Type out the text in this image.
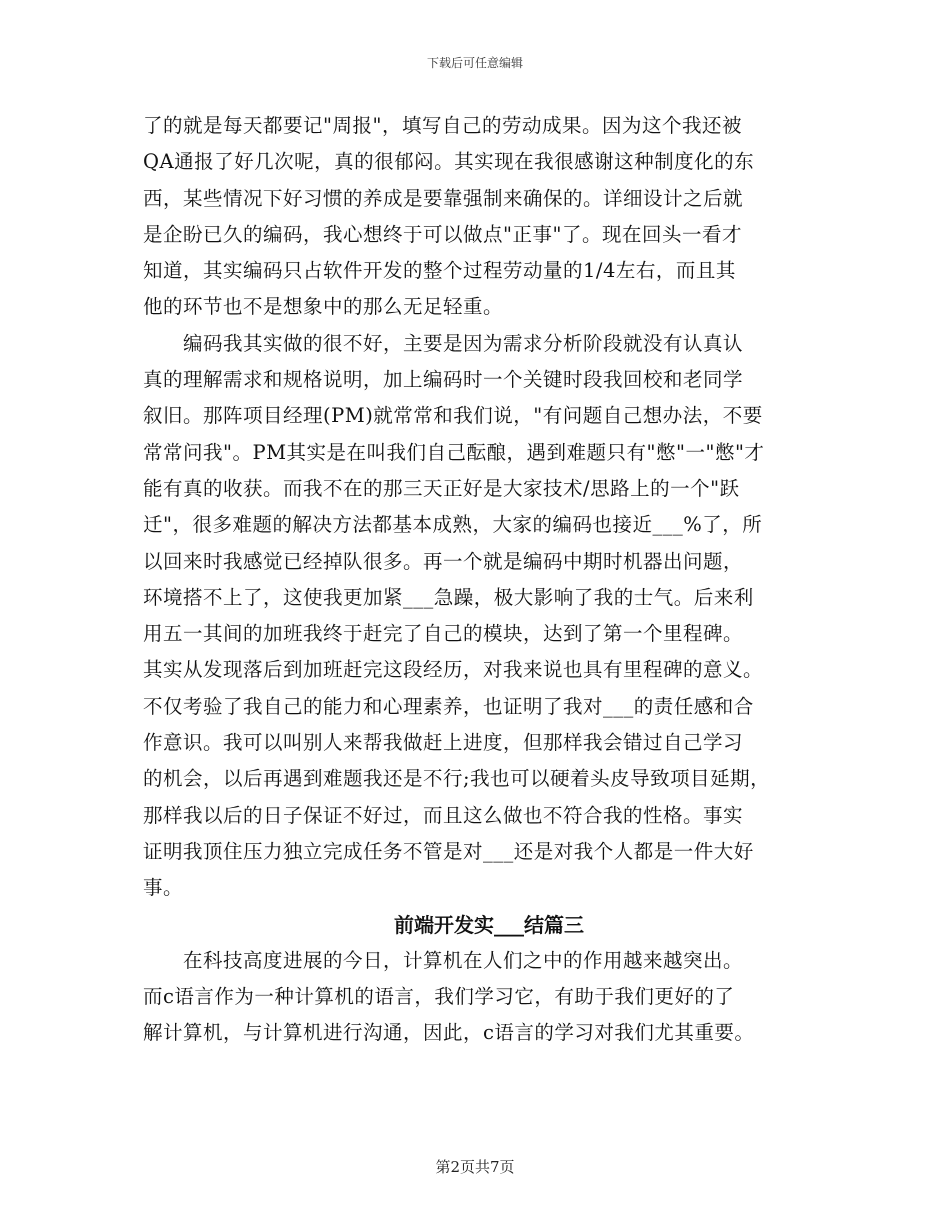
下载后可任意编辑
了的就是每天都要记"周报"，填写自己的劳动成果。因为这个我还被
QA通报了好几次呢，真的很郁闷。其实现在我很感谢这种制度化的东
西，某些情况下好习惯的养成是要靠强制来确保的。详细设计之后就
是企盼已久的编码，我心想终于可以做点"正事"了。现在回头一看才
知道，其实编码只占软件开发的整个过程劳动量的1/4左右，而且其
他的环节也不是想象中的那么无足轻重。
编码我其实做的很不好，主要是因为需求分析阶段就没有认真认
真的理解需求和规格说明，加上编码时一个关键时段我回校和老同学
叙旧。那阵项目经理(PM)就常常和我们说，"有问题自己想办法，不要
常常问我"。PM其实是在叫我们自己酝酿，遇到难题只有"憋"一"憋"才
能有真的收获。而我不在的那三天正好是大家技术/思路上的一个"跃
迁"，很多难题的解决方法都基本成熟，大家的编码也接近___%了，所
以回来时我感觉已经掉队很多。再一个就是编码中期时机器出问题，
环境搭不上了，这使我更加紧___急躁，极大影响了我的士气。后来利
用五一其间的加班我终于赶完了自己的模块，达到了第一个里程碑。
其实从发现落后到加班赶完这段经历，对我来说也具有里程碑的意义。
不仅考验了我自己的能力和心理素养，也证明了我对___的责任感和合
作意识。我可以叫别人来帮我做赶上进度，但那样我会错过自己学习
的机会，以后再遇到难题我还是不行;我也可以硬着头皮导致项目延期，
那样我以后的日子保证不好过，而且这么做也不符合我的性格。事实
证明我顶住压力独立完成任务不管是对___还是对我个人都是一件大好
事。
前端开发实___结篇三
在科技高度进展的今日，计算机在人们之中的作用越来越突出。
而c语言作为一种计算机的语言，我们学习它，有助于我们更好的了
解计算机，与计算机进行沟通，因此，c语言的学习对我们尤其重要。
第2页共7页
